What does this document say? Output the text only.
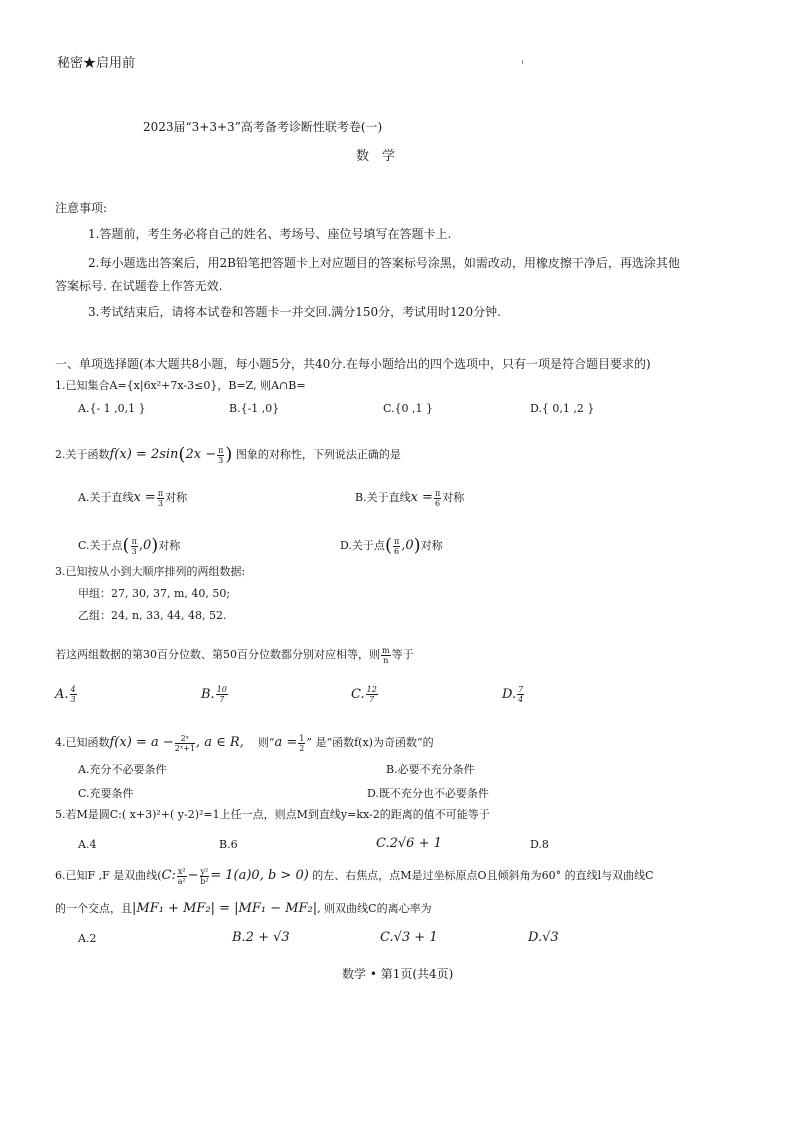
秘密★启用前
2023届“3+3+3”高考备考诊断性联考卷(一)
数　学
注意事项:
1.答题前，考生务必将自己的姓名、考场号、座位号填写在答题卡上.
2.每小题选出答案后，用2B铅笔把答题卡上对应题目的答案标号涂黑，如需改动，用橡皮擦干净后，再选涂其他
答案标号. 在试题卷上作答无效.
3.考试结束后，请将本试卷和答题卡一并交回.满分150分，考试用时120分钟.
一、单项选择题(本大题共8小题，每小题5分，共40分.在每小题给出的四个选项中，只有一项是符合题目要求的)
1.已知集合A={x|6x²+7x-3≤0}，B=Z, 则A∩B=
A.{- 1 ,0,1 }	B.{-1 ,0}	C.{0 ,1 }	D.{ 0,1 ,2 }
2.关于函数$f(x) = 2\sin(2x - \frac{\pi}{3}$ ) 图象的对称性，下列说法正确的是
A.关于直线$x = \frac{\pi}{3}$ 对称	B.关于直线$x = \frac{\pi}{6}$ 对称
C.关于点( $\frac{\pi}{3} ,0$)对称	D.关于点( $\frac{\pi}{6} ,0$)对称
3.已知按从小到大顺序排列的两组数据:
甲组：27, 30, 37, m, 40, 50;
乙组：24, n, 33, 44, 48, 52.
若这两组数据的第30百分位数、第50百分位数都分别对应相等，则 $\frac{m}{n}$ 等于
A. $\frac{4}{3}$	B. $\frac{10}{7}$	C. $\frac{12}{7}$	D. $\frac{7}{4}$
4.已知函数$f(x) = a - \frac{\text{2ˣ}}{\text{2ˣ+1}}$ , a ∈ R, 则“$a = \frac{1}{2}$ ” 是“函数f(x)为奇函数”的
A.充分不必要条件	B.必要不充分条件
C.充要条件	D.既不充分也不必要条件
5.若M是圆C:( x+3)²+( y-2)²=1上任一点，则点M到直线y=kx-2的距离的值不可能等于
A.4	B.6	C.2√6 + 1	D.8
6.已知F ,F 是双曲线(C: $\frac{\text{x²}}{\text{a²}} - \frac{\text{y²}}{\text{b²}} = 1(a)0$, b > 0) 的左、右焦点，点M是过坐标原点O且倾斜角为60° 的直线l与双曲线C
的一个交点，且|MF₁ + MF₂| = |MF₁ − MF₂|, 则双曲线C的离心率为
A.2	B.2 + √3	C.√3 + 1	D.√3
数学 • 第1页(共4页)
